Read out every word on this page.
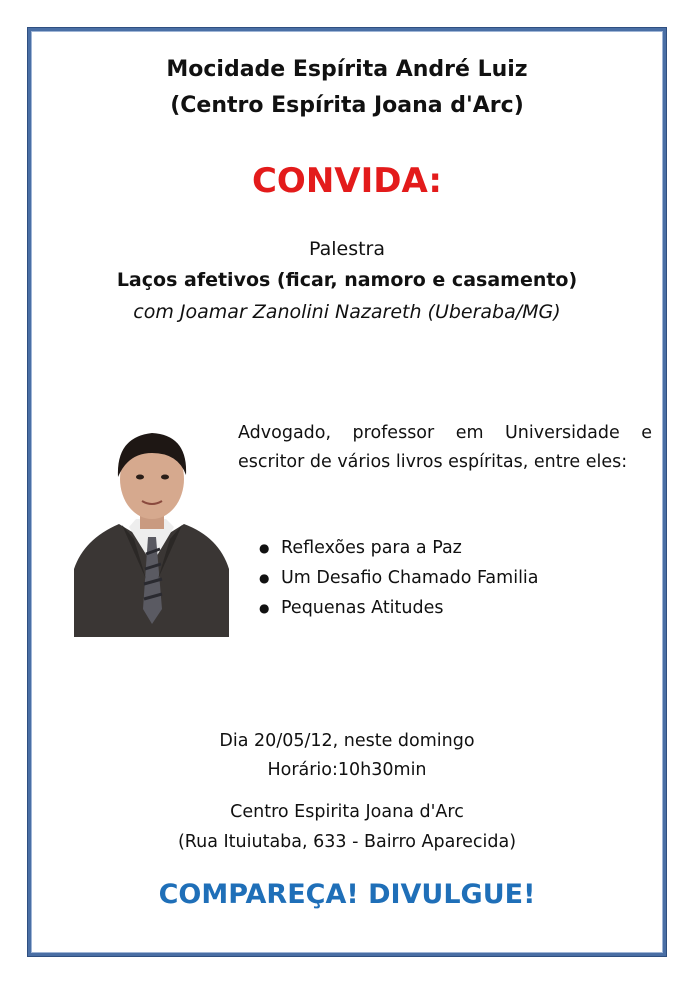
Mocidade Espírita André Luiz
(Centro Espírita Joana d'Arc)
CONVIDA:
Palestra
Laços afetivos (ficar, namoro e casamento)
com Joamar Zanolini Nazareth (Uberaba/MG)
Advogado, professor em Universidade e escritor de vários livros espíritas, entre eles:
● Reflexões para a Paz
● Um Desafio Chamado Familia
● Pequenas Atitudes
Dia 20/05/12, neste domingo
Horário:10h30min
Centro Espirita Joana d'Arc
(Rua Ituiutaba, 633 - Bairro Aparecida)
COMPAREÇA! DIVULGUE!
